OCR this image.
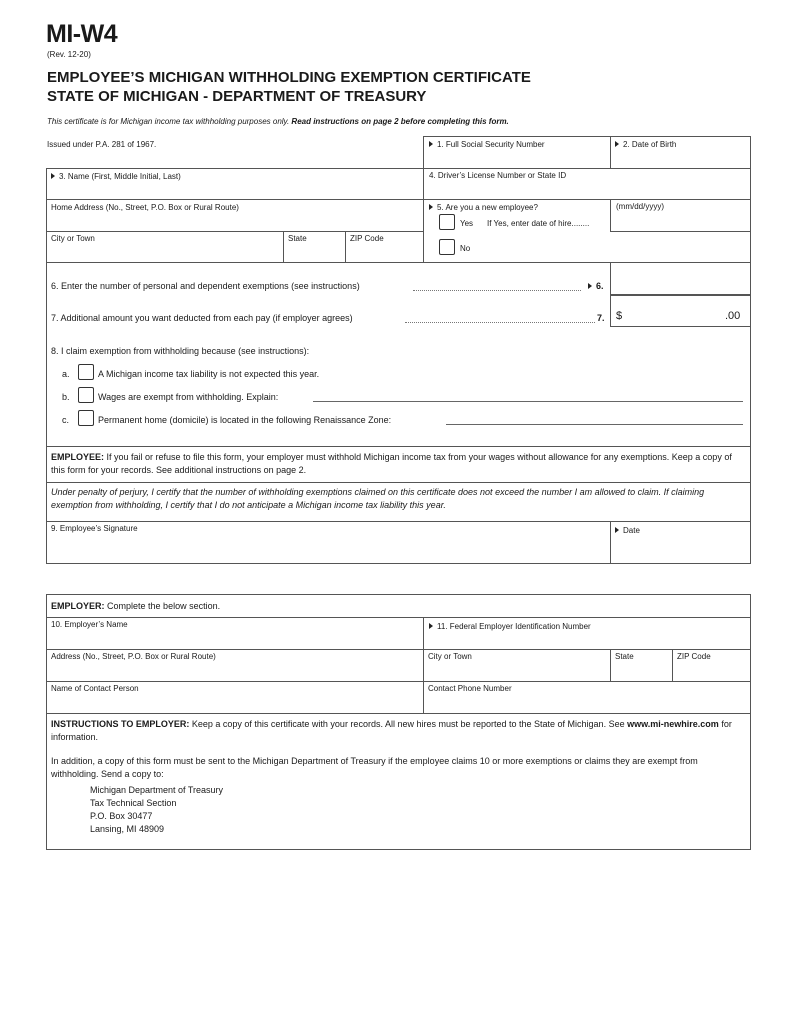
MI-W4
(Rev. 12-20)
EMPLOYEE’S MICHIGAN WITHHOLDING EXEMPTION CERTIFICATE
STATE OF MICHIGAN - DEPARTMENT OF TREASURY
This certificate is for Michigan income tax withholding purposes only. Read instructions on page 2 before completing this form.
Issued under P.A. 281 of 1967.	1. Full Social Security Number	2. Date of Birth
3. Name (First, Middle Initial, Last)	4. Driver’s License Number or State ID
Home Address (No., Street, P.O. Box or Rural Route)	5. Are you a new employee?
Yes If Yes, enter date of hire........
(mm/dd/yyyy)
No
City or Town	State	ZIP Code
6. Enter the number of personal and dependent exemptions (see instructions)	6.
7. Additional amount you want deducted from each pay (if employer agrees)	7. $	.00
8. I claim exemption from withholding because (see instructions):
a.	A Michigan income tax liability is not expected this year.
b.	Wages are exempt from withholding. Explain:
c.	Permanent home (domicile) is located in the following Renaissance Zone:
EMPLOYEE: If you fail or refuse to file this form, your employer must withhold Michigan income tax from your wages without allowance for any exemptions. Keep a copy of this form for your records. See additional instructions on page 2.
Under penalty of perjury, I certify that the number of withholding exemptions claimed on this certificate does not exceed the number I am allowed to claim. If claiming exemption from withholding, I certify that I do not anticipate a Michigan income tax liability this year.
9. Employee’s Signature	Date
EMPLOYER: Complete the below section.
10. Employer’s Name	11. Federal Employer Identification Number
Address (No., Street, P.O. Box or Rural Route)	City or Town	State	ZIP Code
Name of Contact Person	Contact Phone Number
INSTRUCTIONS TO EMPLOYER: Keep a copy of this certificate with your records. All new hires must be reported to the State of Michigan. See www.mi-newhire.com for information.
In addition, a copy of this form must be sent to the Michigan Department of Treasury if the employee claims 10 or more exemptions or claims they are exempt from withholding. Send a copy to:
Michigan Department of Treasury
Tax Technical Section
P.O. Box 30477
Lansing, MI 48909
